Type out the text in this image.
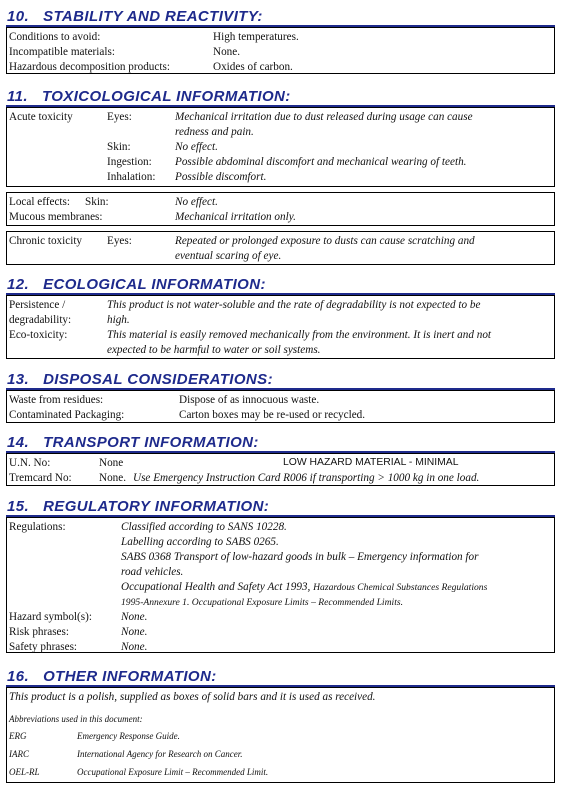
10. STABILITY AND REACTIVITY:
Conditions to avoid:	High temperatures.
Incompatible materials:	None.
Hazardous decomposition products:	Oxides of carbon.
11. TOXICOLOGICAL INFORMATION:
Acute toxicity	Eyes:	Mechanical irritation due to dust released during usage can cause
redness and pain.
Skin:	No effect.
Ingestion: Possible abdominal discomfort and mechanical wearing of teeth.
Inhalation: Possible discomfort.
Local effects: Skin:	No effect.
Mucous membranes:	Mechanical irritation only.
Chronic toxicity Eyes:	Repeated or prolonged exposure to dusts can cause scratching and
eventual scaring of eye.
12. ECOLOGICAL INFORMATION:
Persistence /	This product is not water-soluble and the rate of degradability is not expected to be
degradability:	high.
Eco-toxicity:	This material is easily removed mechanically from the environment. It is inert and not
expected to be harmful to water or soil systems.
13. DISPOSAL CONSIDERATIONS:
Waste from residues:	Dispose of as innocuous waste.
Contaminated Packaging:	Carton boxes may be re-used or recycled.
14. TRANSPORT INFORMATION:
U.N. No:	None	LOW HAZARD MATERIAL - MINIMAL
Tremcard No: None. Use Emergency Instruction Card R006 if transporting > 1000 kg in one load.
15. REGULATORY INFORMATION:
Regulations:	Classified according to SANS 10228.
Labelling according to SABS 0265.
SABS 0368 Transport of low-hazard goods in bulk – Emergency information for
road vehicles.
Occupational Health and Safety Act 1993, Hazardous Chemical Substances Regulations
1995-Annexure 1. Occupational Exposure Limits – Recommended Limits.
Hazard symbol(s):	None.
Risk phrases:	None.
Safety phrases:	None.
16. OTHER INFORMATION:
This product is a polish, supplied as boxes of solid bars and it is used as received.
Abbreviations used in this document:
ERG	Emergency Response Guide.
IARC	International Agency for Research on Cancer.
OEL-RL	Occupational Exposure Limit – Recommended Limit.
